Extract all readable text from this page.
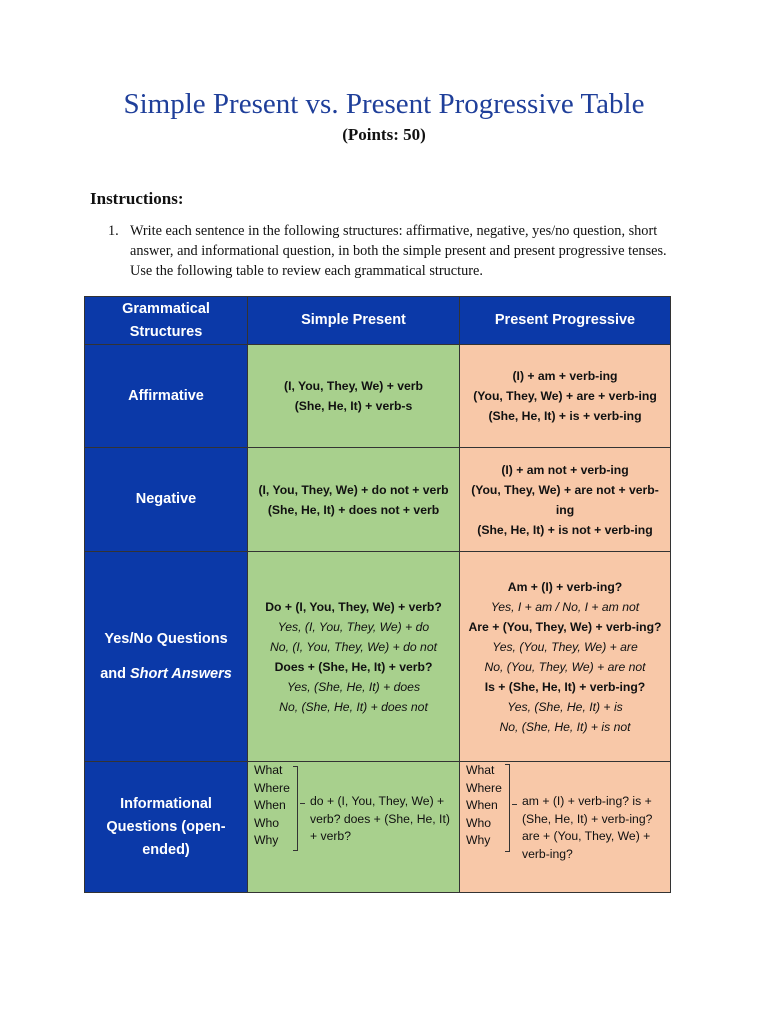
Simple Present vs. Present Progressive Table
(Points: 50)
Instructions:
1. Write each sentence in the following structures: affirmative, negative, yes/no question, short answer, and informational question, in both the simple present and present progressive tenses. Use the following table to review each grammatical structure.
Grammatical Structures
Simple Present	Present Progressive
Affirmative
(I, You, They, We) + verb
(She, He, It) + verb-s
(I) + am + verb-ing
(You, They, We) + are + verb-ing
(She, He, It) + is + verb-ing
Negative
(I, You, They, We) + do not + verb
(She, He, It) + does not + verb
(I) + am not + verb-ing
(You, They, We) + are not + verb-ing
(She, He, It) + is not + verb-ing
Yes/No Questions
and Short Answers
Do + (I, You, They, We) + verb?
Yes, (I, You, They, We) + do
No, (I, You, They, We) + do not
Does + (She, He, It) + verb?
Yes, (She, He, It) + does
No, (She, He, It) + does not
Am + (I) + verb-ing?
Yes, I + am / No, I + am not
Are + (You, They, We) + verb-ing?
Yes, (You, They, We) + are
No, (You, They, We) + are not
Is + (She, He, It) + verb-ing?
Yes, (She, He, It) + is
No, (She, He, It) + is not
Informational Questions (open-ended)
What
Where
When
Who
Why
do + (I, You, They, We) + verb? does + (She, He, It) + verb?
What
Where
When
Who
Why
am + (I) + verb-ing? is + (She, He, It) + verb-ing? are + (You, They, We) + verb-ing?
